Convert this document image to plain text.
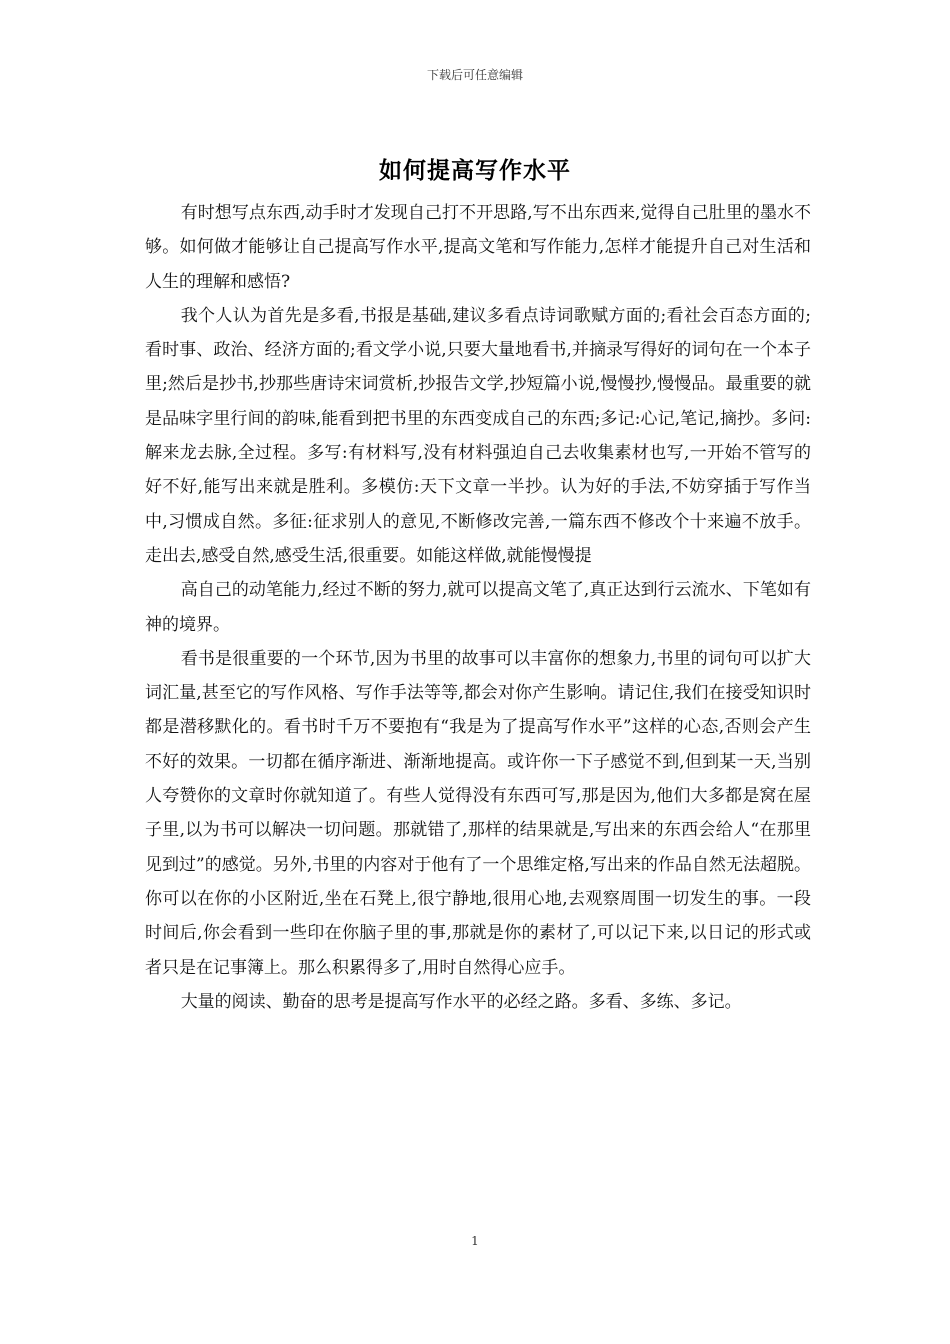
下载后可任意编辑
如何提高写作水平

有时想写点东西,动手时才发现自己打不开思路,写不出东西来,觉得自己肚里的墨水不够。如何做才能够让自己提高写作水平,提高文笔和写作能力,怎样才能提升自己对生活和人生的理解和感悟?

我个人认为首先是多看,书报是基础,建议多看点诗词歌赋方面的;看社会百态方面的;看时事、政治、经济方面的;看文学小说,只要大量地看书,并摘录写得好的词句在一个本子里;然后是抄书,抄那些唐诗宋词赏析,抄报告文学,抄短篇小说,慢慢抄,慢慢品。最重要的就是品味字里行间的韵味,能看到把书里的东西变成自己的东西;多记:心记,笔记,摘抄。多问:解来龙去脉,全过程。多写:有材料写,没有材料强迫自己去收集素材也写,一开始不管写的好不好,能写出来就是胜利。多模仿:天下文章一半抄。认为好的手法,不妨穿插于写作当中,习惯成自然。多征:征求别人的意见,不断修改完善,一篇东西不修改个十来遍不放手。走出去,感受自然,感受生活,很重要。如能这样做,就能慢慢提

高自己的动笔能力,经过不断的努力,就可以提高文笔了,真正达到行云流水、下笔如有神的境界。

看书是很重要的一个环节,因为书里的故事可以丰富你的想象力,书里的词句可以扩大词汇量,甚至它的写作风格、写作手法等等,都会对你产生影响。请记住,我们在接受知识时都是潜移默化的。看书时千万不要抱有“我是为了提高写作水平”这样的心态,否则会产生不好的效果。一切都在循序渐进、渐渐地提高。或许你一下子感觉不到,但到某一天,当别人夸赞你的文章时你就知道了。有些人觉得没有东西可写,那是因为,他们大多都是窝在屋子里,以为书可以解决一切问题。那就错了,那样的结果就是,写出来的东西会给人“在那里见到过”的感觉。另外,书里的内容对于他有了一个思维定格,写出来的作品自然无法超脱。你可以在你的小区附近,坐在石凳上,很宁静地,很用心地,去观察周围一切发生的事。一段时间后,你会看到一些印在你脑子里的事,那就是你的素材了,可以记下来,以日记的形式或者只是在记事簿上。那么积累得多了,用时自然得心应手。

大量的阅读、勤奋的思考是提高写作水平的必经之路。多看、多练、多记。

1
